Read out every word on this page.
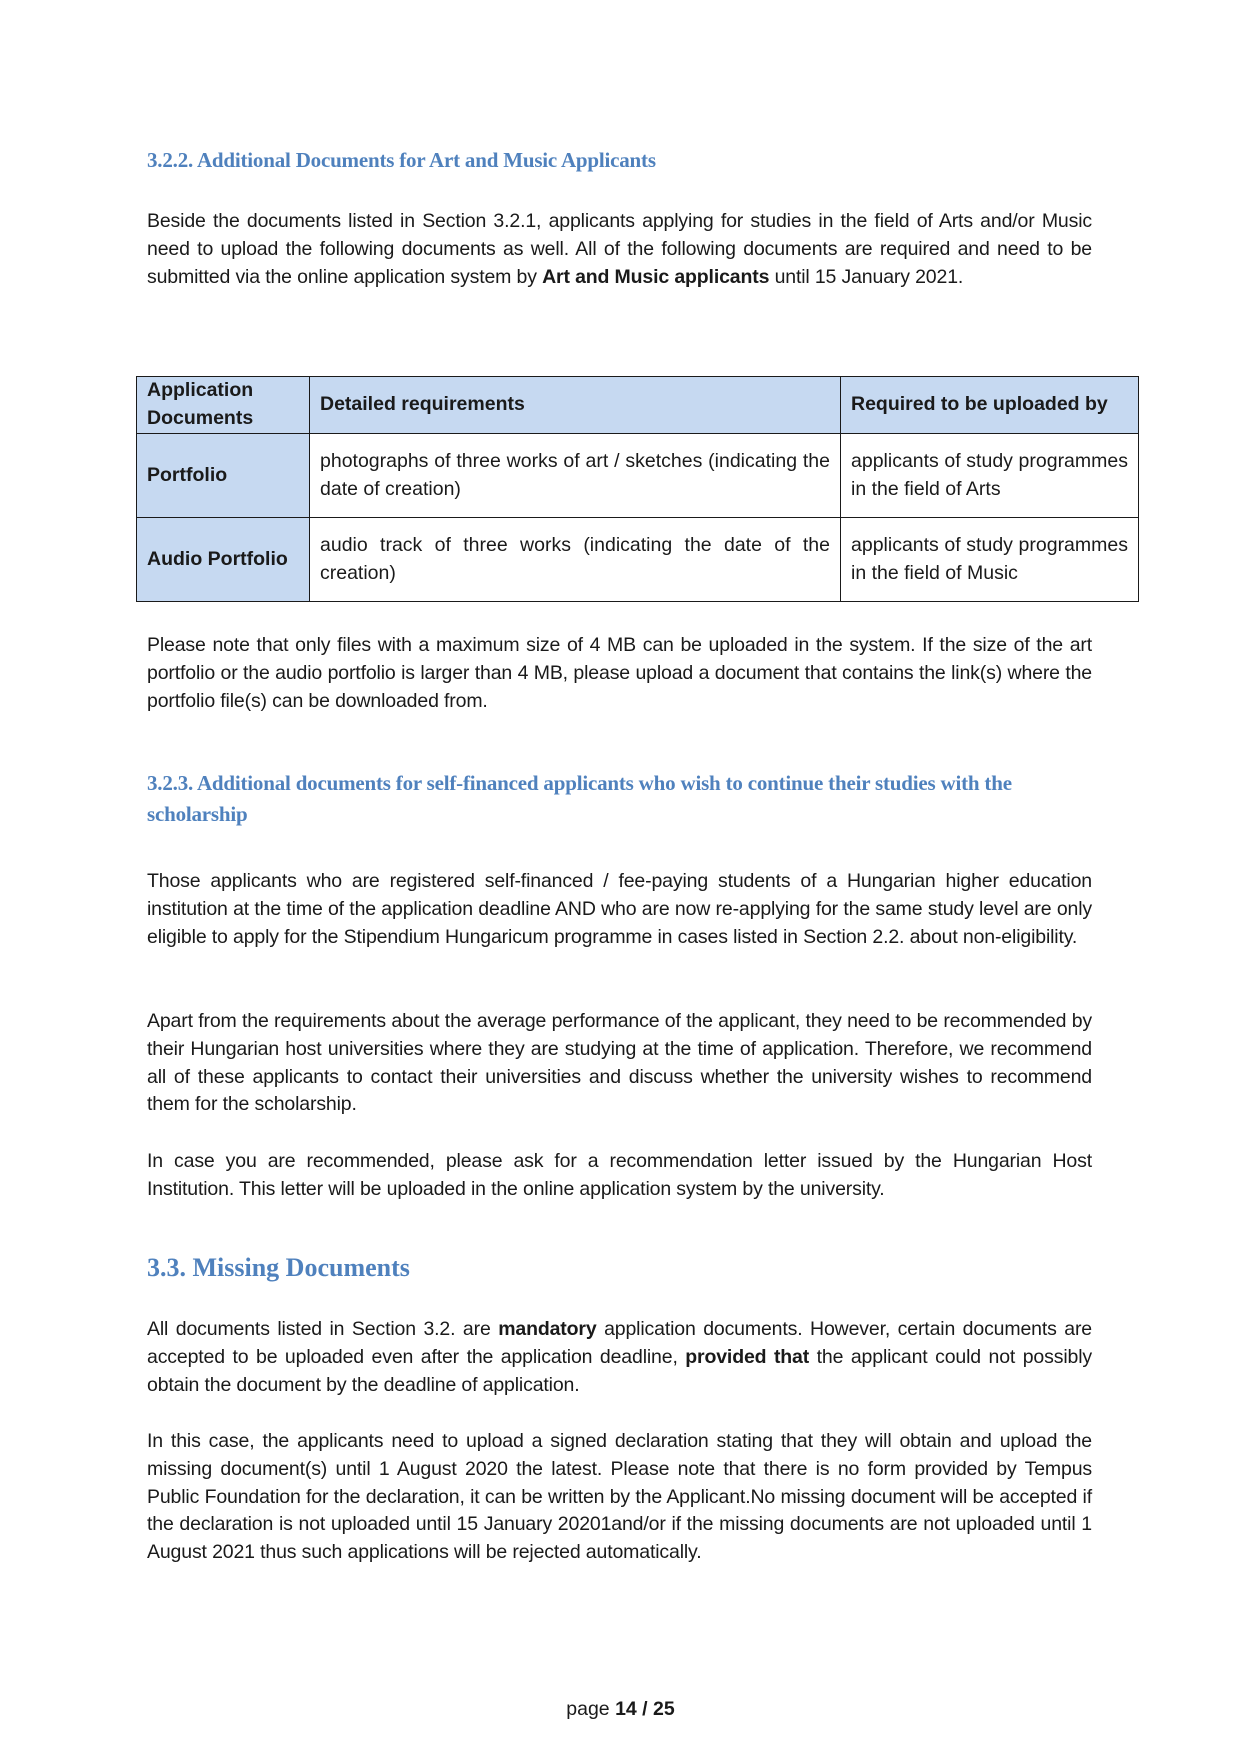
3.2.2. Additional Documents for Art and Music Applicants
Beside the documents listed in Section 3.2.1, applicants applying for studies in the field of Arts and/or Music need to upload the following documents as well. All of the following documents are required and need to be submitted via the online application system by Art and Music applicants until 15 January 2021.
Application Documents	Detailed requirements	Required to be uploaded by
Portfolio	photographs of three works of art / sketches (indicating the date of creation)	applicants of study programmes in the field of Arts
Audio Portfolio	audio track of three works (indicating the date of the creation)	applicants of study programmes in the field of Music
Please note that only files with a maximum size of 4 MB can be uploaded in the system. If the size of the art portfolio or the audio portfolio is larger than 4 MB, please upload a document that contains the link(s) where the portfolio file(s) can be downloaded from.
3.2.3. Additional documents for self-financed applicants who wish to continue their studies with the scholarship
Those applicants who are registered self-financed / fee-paying students of a Hungarian higher education institution at the time of the application deadline AND who are now re-applying for the same study level are only eligible to apply for the Stipendium Hungaricum programme in cases listed in Section 2.2. about non-eligibility.
Apart from the requirements about the average performance of the applicant, they need to be recommended by their Hungarian host universities where they are studying at the time of application. Therefore, we recommend all of these applicants to contact their universities and discuss whether the university wishes to recommend them for the scholarship.
In case you are recommended, please ask for a recommendation letter issued by the Hungarian Host Institution. This letter will be uploaded in the online application system by the university.
3.3. Missing Documents
All documents listed in Section 3.2. are mandatory application documents. However, certain documents are accepted to be uploaded even after the application deadline, provided that the applicant could not possibly obtain the document by the deadline of application.
In this case, the applicants need to upload a signed declaration stating that they will obtain and upload the missing document(s) until 1 August 2020 the latest. Please note that there is no form provided by Tempus Public Foundation for the declaration, it can be written by the Applicant.No missing document will be accepted if the declaration is not uploaded until 15 January 20201and/or if the missing documents are not uploaded until 1 August 2021 thus such applications will be rejected automatically.
page 14 / 25
